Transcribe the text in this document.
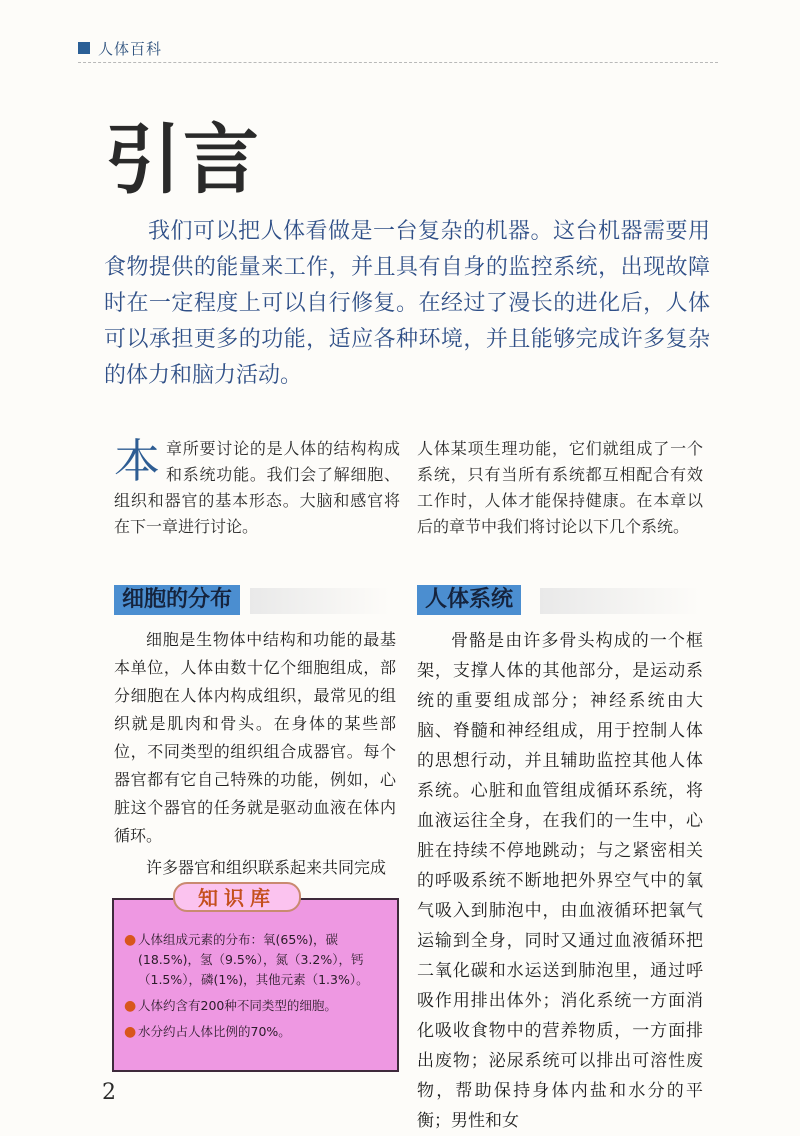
人体百科
引言
我们可以把人体看做是一台复杂的机器。这台机器需要用食物提供的能量来工作，并且具有自身的监控系统，出现故障时在一定程度上可以自行修复。在经过了漫长的进化后，人体可以承担更多的功能，适应各种环境，并且能够完成许多复杂的体力和脑力活动。
本 章所要讨论的是人体的结构构成和系统功能。我们会了解细胞、组织和器官的基本形态。大脑和感官将在下一章进行讨论。
人体某项生理功能，它们就组成了一个系统，只有当所有系统都互相配合有效工作时，人体才能保持健康。在本章以后的章节中我们将讨论以下几个系统。
细胞的分布	人体系统

细胞是生物体中结构和功能的最基本单位，人体由数十亿个细胞组成，部分细胞在人体内构成组织，最常见的组织就是肌肉和骨头。在身体的某些部位，不同类型的组织组合成器官。每个器官都有它自己特殊的功能，例如，心脏这个器官的任务就是驱动血液在体内循环。

许多器官和组织联系起来共同完成

骨骼是由许多骨头构成的一个框架，支撑人体的其他部分，是运动系统的重要组成部分；神经系统由大脑、脊髓和神经组成，用于控制人体的思想行动，并且辅助监控其他人体系统。心脏和血管组成循环系统，将血液运往全身，在我们的一生中，心脏在持续不停地跳动；与之紧密相关的呼吸系统不断地把外界空气中的氧气吸入到肺泡中，由血液循环把氧气运输到全身，同时又通过血液循环把二氧化碳和水运送到肺泡里，通过呼吸作用排出体外；消化系统一方面消化吸收食物中的营养物质，一方面排出废物；泌尿系统可以排出可溶性废物，帮助保持身体内盐和水分的平衡；男性和女
知识库
● 人体组成元素的分布：氧(65%)，碳(18.5%)，氢（9.5%），氮（3.2%），钙（1.5%），磷(1%)，其他元素（1.3%）。
● 人体约含有200种不同类型的细胞。
● 水分约占人体比例的70%。
2
